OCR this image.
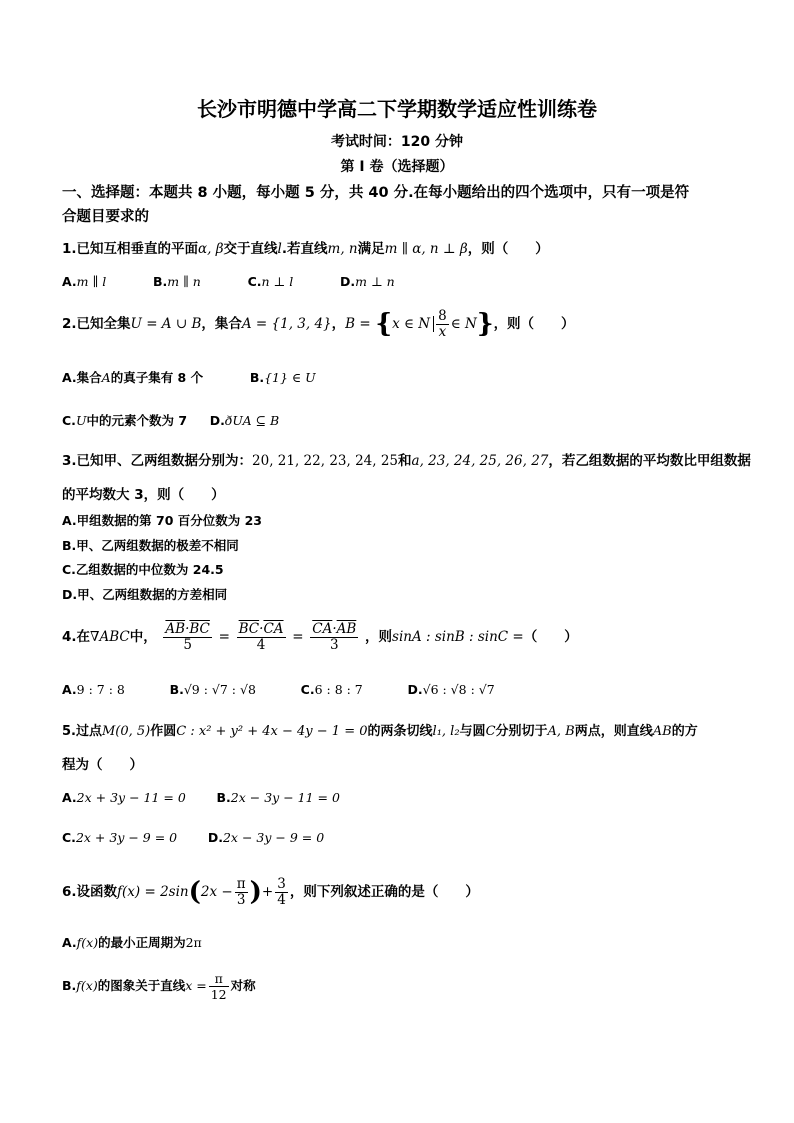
长沙市明德中学高二下学期数学适应性训练卷
考试时间：120 分钟
第 I 卷（选择题）
一、选择题：本题共 8 小题，每小题 5 分，共 40 分.在每小题给出的四个选项中，只有一项是符
合题目要求的
1.已知互相垂直的平面α, β交于直线l.若直线m, n满足m ∥ α, n ⊥ β，则（　　）
A.m ∥ l	B.m ∥ n	C.n ⊥ l	D.m ⊥ n
2.已知全集U = A ∪ B，集合A = {1, 3, 4}，B = {x ∈ N $\frac{8}{x}$ ∈ N}，则（　　）
A.集合A的真子集有 8 个	B.{1} ∈ U
C.U中的元素个数为 7 D.ðUA ⊆ B
3.已知甲、乙两组数据分别为：20, 21, 22, 23, 24, 25和a, 23, 24, 25, 26, 27，若乙组数据的平均数比甲组数据
的平均数大 3，则（　　）
A.甲组数据的第 70 百分位数为 23
B.甲、乙两组数据的极差不相同
C.乙组数据的中位数为 24.5
D.甲、乙两组数据的方差相同
4.在∇ABC中， $\frac{\overline{AB}\cdot\overline{BC}}{5} = \frac{\overline{BC}\cdot\overline{CA}}{4} = \frac{\overline{CA}\cdot\overline{AB}}{3}$ ，则sinA : sinB : sinC =（　　）
A.9 : 7 : 8	B.√9 : √7 : √8	C.6 : 8 : 7	D.√6 : √8 : √7
5.过点M(0, 5)作圆C : x² + y² + 4x − 4y − 1 = 0的两条切线l₁, l₂与圆C分别切于A, B两点，则直线AB的方
程为（　　）
A.2x + 3y − 11 = 0 B.2x − 3y − 11 = 0
C.2x + 3y − 9 = 0 D.2x − 3y − 9 = 0
6.设函数$f(x) = 2\sin(2x - \frac{\pi}{3}$ )+ $\frac{3}{4}$ ，则下列叙述正确的是（　　）
A.f(x)的最小正周期为2π
B.f(x)的图象关于直线$x = \frac{\pi}{12}$ 对称
